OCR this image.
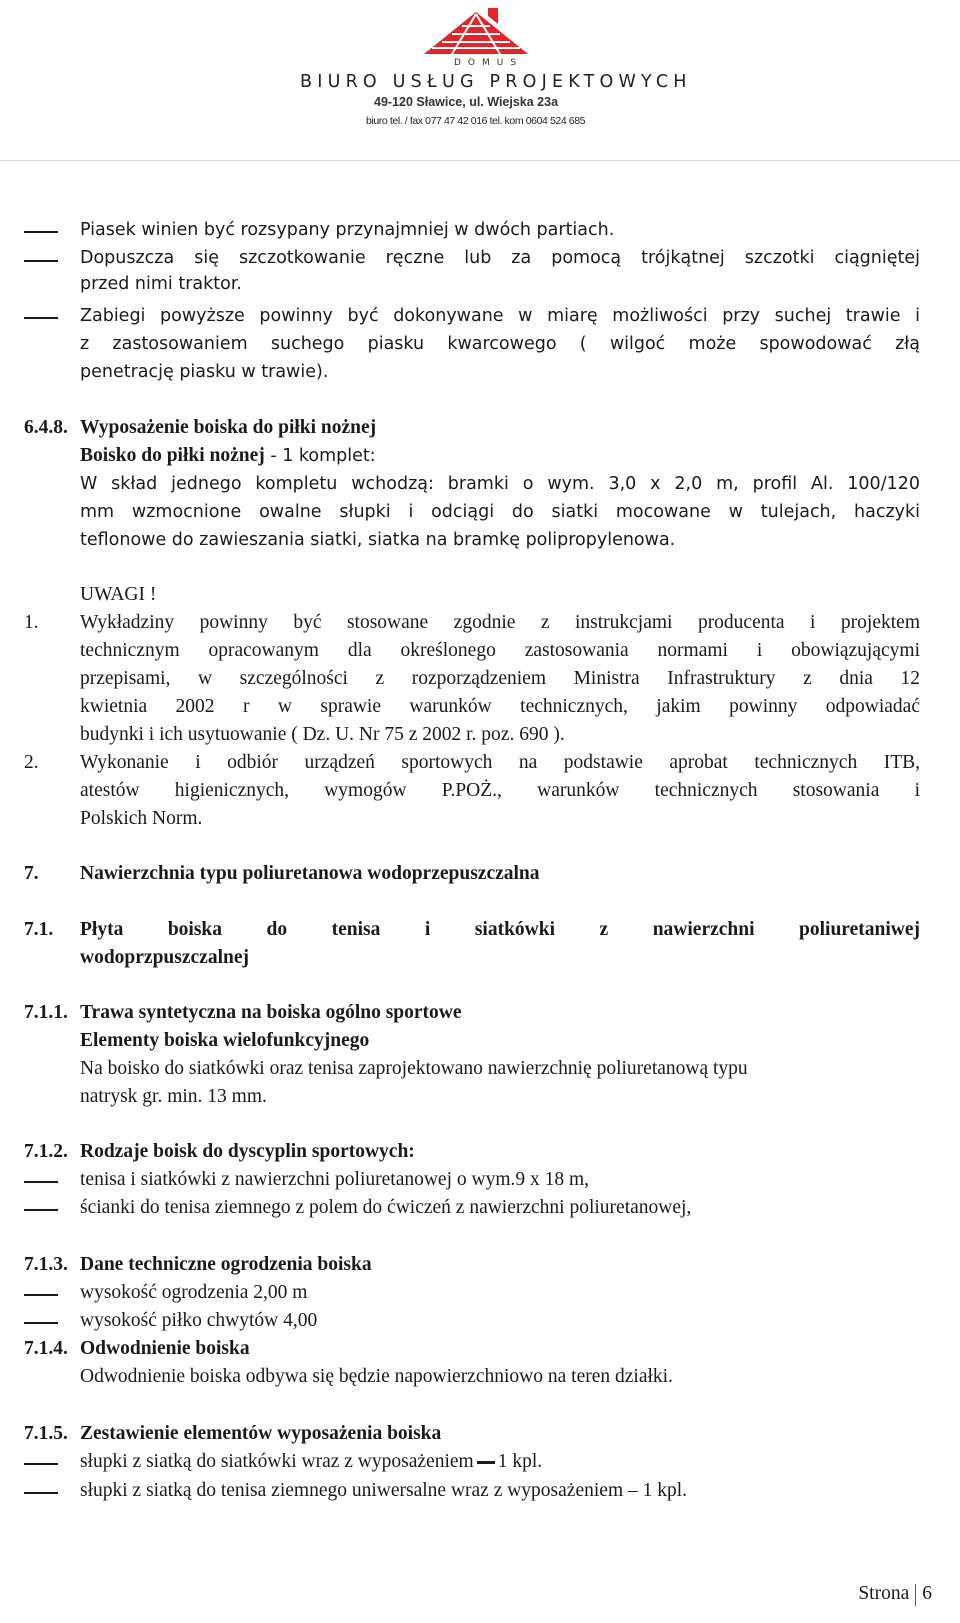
DOMUS
BIURO USŁUG PROJEKTOWYCH
49-120 Sławice, ul. Wiejska 23a
biuro tel. / fax 077 47 42 016 tel. kom 0604 524 685
Piasek winien być rozsypany przynajmniej w dwóch partiach.
Dopuszcza się szczotkowanie ręczne lub za pomocą trójkątnej szczotki ciągniętej
przed nimi traktor.
Zabiegi powyższe powinny być dokonywane w miarę możliwości przy suchej trawie i
z zastosowaniem suchego piasku kwarcowego ( wilgoć może spowodować złą
penetrację piasku w trawie).
6.4.8. Wyposażenie boiska do piłki nożnej
Boisko do piłki nożnej - 1 komplet:
W skład jednego kompletu wchodzą: bramki o wym. 3,0 x 2,0 m, profil Al. 100/120
mm wzmocnione owalne słupki i odciągi do siatki mocowane w tulejach, haczyki
teflonowe do zawieszania siatki, siatka na bramkę polipropylenowa.
UWAGI !
1. Wykładziny powinny być stosowane zgodnie z instrukcjami producenta i projektem
technicznym opracowanym dla określonego zastosowania normami i obowiązującymi
przepisami, w szczególności z rozporządzeniem Ministra Infrastruktury z dnia 12
kwietnia 2002 r w sprawie warunków technicznych, jakim powinny odpowiadać
budynki i ich usytuowanie ( Dz. U. Nr 75 z 2002 r. poz. 690 ).
2. Wykonanie i odbiór urządzeń sportowych na podstawie aprobat technicznych ITB,
atestów higienicznych, wymogów P.POŻ., warunków technicznych stosowania i
Polskich Norm.
7. Nawierzchnia typu poliuretanowa wodoprzepuszczalna
7.1. Płyta boiska do tenisa i siatkówki z nawierzchni poliuretaniwej
wodoprzpuszczalnej
7.1.1. Trawa syntetyczna na boiska ogólno sportowe
Elementy boiska wielofunkcyjnego
Na boisko do siatkówki oraz tenisa zaprojektowano nawierzchnię poliuretanową typu
natrysk gr. min. 13 mm.
7.1.2. Rodzaje boisk do dyscyplin sportowych:
tenisa i siatkówki z nawierzchni poliuretanowej o wym.9 x 18 m,
ścianki do tenisa ziemnego z polem do ćwiczeń z nawierzchni poliuretanowej,
7.1.3. Dane techniczne ogrodzenia boiska
wysokość ogrodzenia 2,00 m
wysokość piłko chwytów 4,00
7.1.4. Odwodnienie boiska
Odwodnienie boiska odbywa się będzie napowierzchniowo na teren działki.
7.1.5. Zestawienie elementów wyposażenia boiska
słupki z siatką do siatkówki wraz z wyposażeniem 1 kpl.
słupki z siatką do tenisa ziemnego uniwersalne wraz z wyposażeniem – 1 kpl.
Strona 6
